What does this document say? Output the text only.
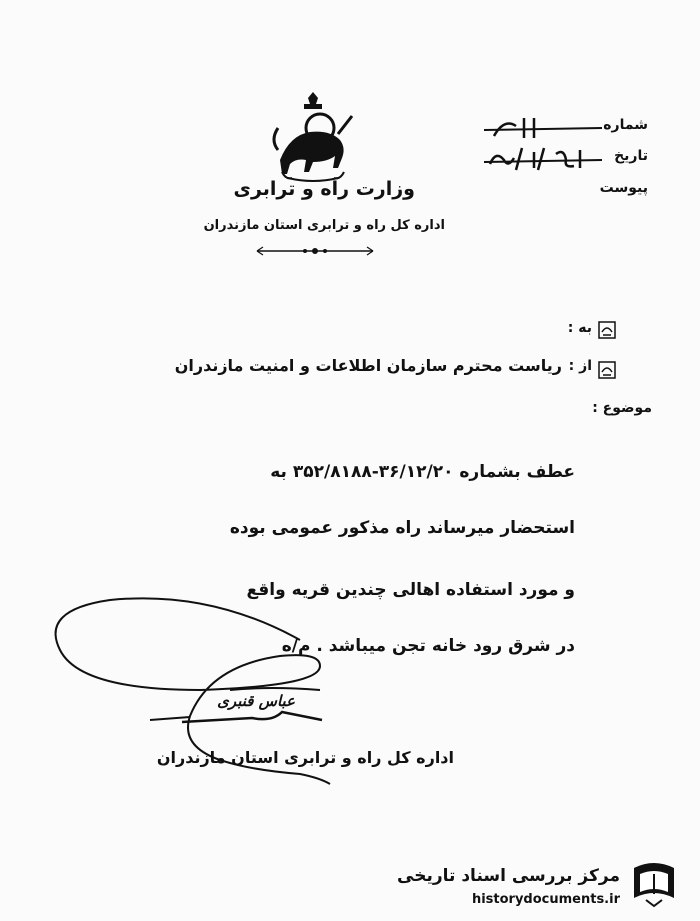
وزارت راه و ترابری
اداره کل راه و ترابری استان مازندران
شماره
تاریخ
پیوست
به :
از :
ریاست محترم سازمان اطلاعات و امنیت مازندران
موضوع :
عطف بشماره ۳۶/۱۲/۲۰-۳۵۲/۸۱۸۸ به
استحضار میرساند راه مذکور عمومی بوده
و مورد استفاده اهالی چندین قریه واقع
در شرق رود خانه تجن میباشد . م/ه
عباس قنبری
اداره کل راه و ترابری استان مازندران
مرکز بررسی اسناد تاریخی
historydocuments.ir
